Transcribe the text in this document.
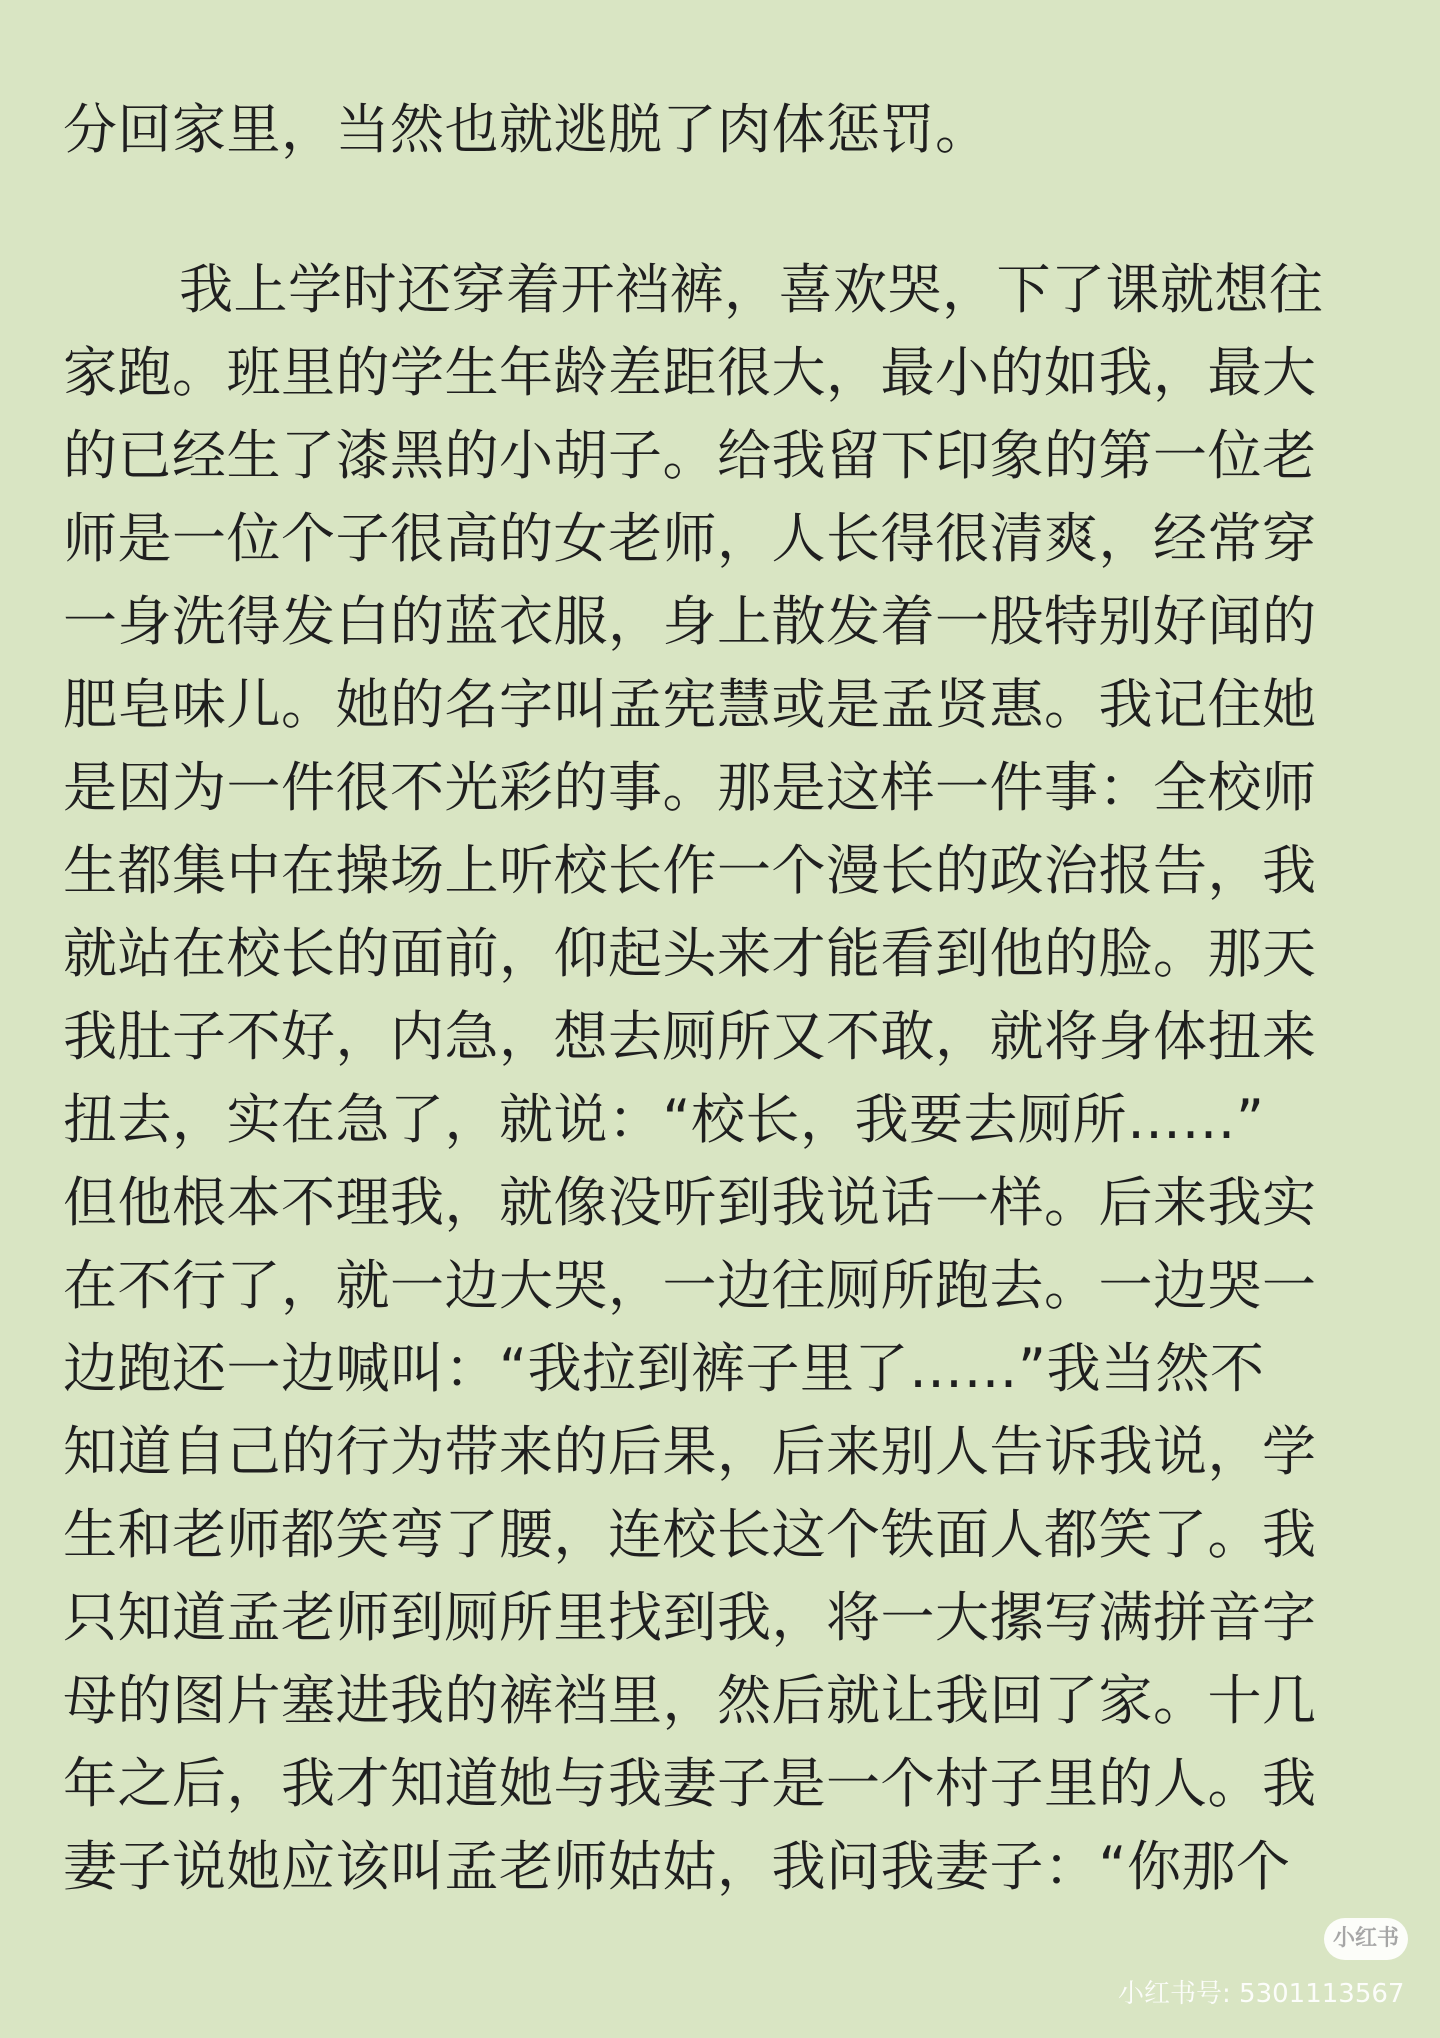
分回家里，当然也就逃脱了肉体惩罚。
我上学时还穿着开裆裤，喜欢哭，下了课就想往
家跑。班里的学生年龄差距很大，最小的如我，最大
的已经生了漆黑的小胡子。给我留下印象的第一位老
师是一位个子很高的女老师，人长得很清爽，经常穿
一身洗得发白的蓝衣服，身上散发着一股特别好闻的
肥皂味儿。她的名字叫孟宪慧或是孟贤惠。我记住她
是因为一件很不光彩的事。那是这样一件事：全校师
生都集中在操场上听校长作一个漫长的政治报告，我
就站在校长的面前，仰起头来才能看到他的脸。那天
我肚子不好，内急，想去厕所又不敢，就将身体扭来
扭去，实在急了，就说：“校长，我要去厕所……”
但他根本不理我，就像没听到我说话一样。后来我实
在不行了，就一边大哭，一边往厕所跑去。一边哭一
边跑还一边喊叫：“我拉到裤子里了……”我当然不
知道自己的行为带来的后果，后来别人告诉我说，学
生和老师都笑弯了腰，连校长这个铁面人都笑了。我
只知道孟老师到厕所里找到我，将一大摞写满拼音字
母的图片塞进我的裤裆里，然后就让我回了家。十几
年之后，我才知道她与我妻子是一个村子里的人。我
妻子说她应该叫孟老师姑姑，我问我妻子：“你那个
小红书
小红书号: 5301113567
